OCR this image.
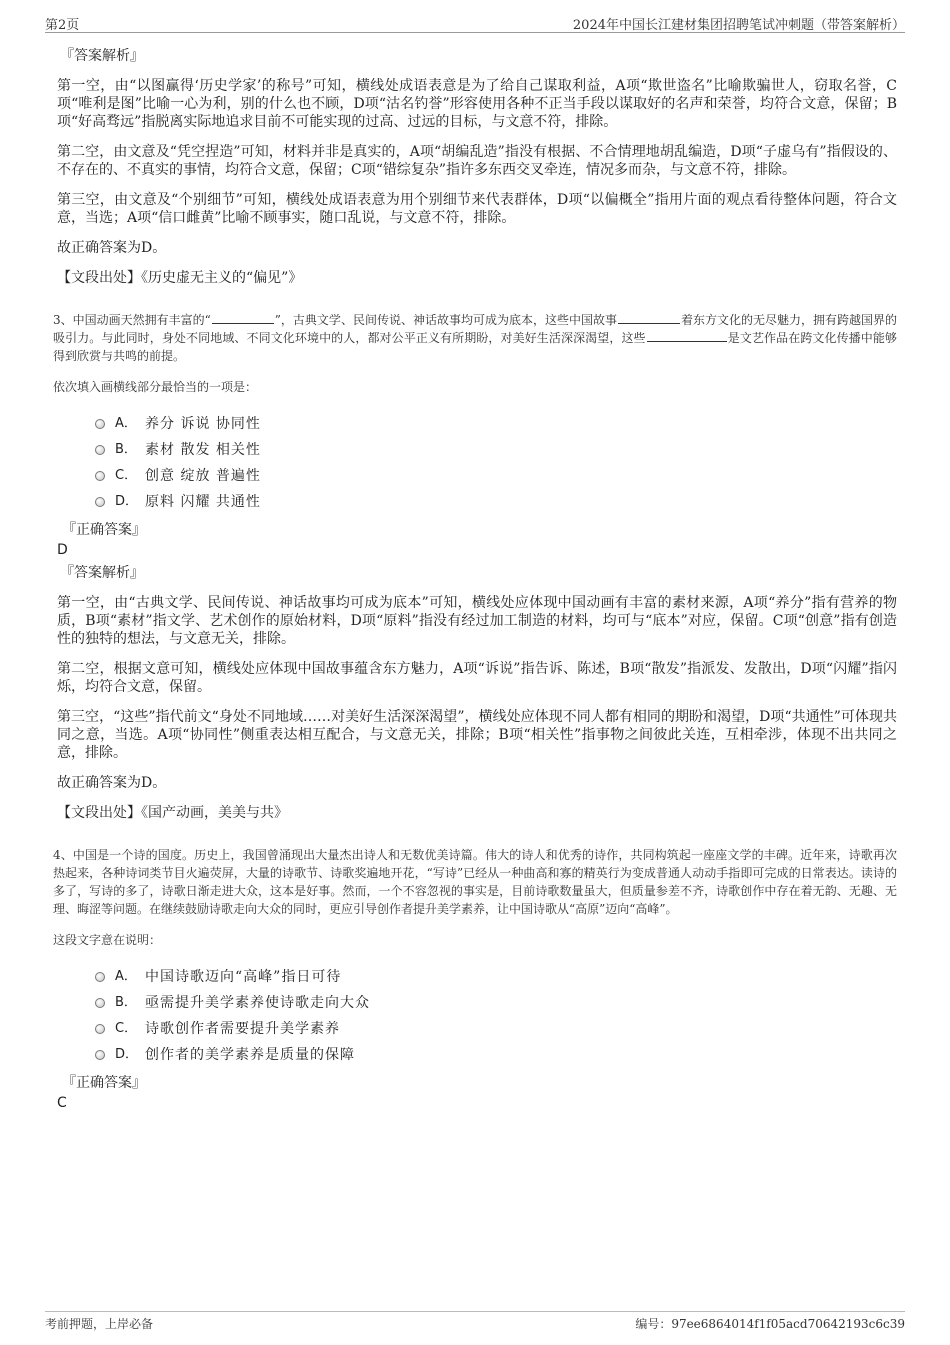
第2页	2024年中国长江建材集团招聘笔试冲刺题（带答案解析）
『答案解析』

第一空，由“以图赢得‘历史学家’的称号”可知，横线处成语表意是为了给自己谋取利益，A项“欺世盗名”比喻欺骗世人，窃取名誉，C项“唯利是图”比喻一心为利，别的什么也不顾，D项“沽名钓誉”形容使用各种不正当手段以谋取好的名声和荣誉，均符合文意，保留；B项“好高骛远”指脱离实际地追求目前不可能实现的过高、过远的目标，与文意不符，排除。

第二空，由文意及“凭空捏造”可知，材料并非是真实的，A项“胡编乱造”指没有根据、不合情理地胡乱编造，D项“子虚乌有”指假设的、不存在的、不真实的事情，均符合文意，保留；C项“错综复杂”指许多东西交叉牵连，情况多而杂，与文意不符，排除。

第三空，由文意及“个别细节”可知，横线处成语表意为用个别细节来代表群体，D项“以偏概全”指用片面的观点看待整体问题，符合文意，当选；A项“信口雌黄”比喻不顾事实，随口乱说，与文意不符，排除。

故正确答案为D。

【文段出处】《历史虚无主义的“偏见”》

3、中国动画天然拥有丰富的“	”，古典文学、民间传说、神话故事均可成为底本，这些中国故事	着东方文化的无尽魅力，拥有跨越国界的吸引力。与此同时，身处不同地域、不同文化环境中的人，都对公平正义有所期盼，对美好生活深深渴望，这些	是文艺作品在跨文化传播中能够得到欣赏与共鸣的前提。

依次填入画横线部分最恰当的一项是：

A． 养分 诉说 协同性
B． 素材 散发 相关性
C． 创意 绽放 普遍性
D． 原料 闪耀 共通性
『正确答案』
D
『答案解析』

第一空，由“古典文学、民间传说、神话故事均可成为底本”可知，横线处应体现中国动画有丰富的素材来源，A项“养分”指有营养的物质，B项“素材”指文学、艺术创作的原始材料，D项“原料”指没有经过加工制造的材料，均可与“底本”对应，保留。C项“创意”指有创造性的独特的想法，与文意无关，排除。

第二空，根据文意可知，横线处应体现中国故事蕴含东方魅力，A项“诉说”指告诉、陈述，B项“散发”指派发、发散出，D项“闪耀”指闪烁，均符合文意，保留。

第三空，“这些”指代前文“身处不同地域……对美好生活深深渴望”，横线处应体现不同人都有相同的期盼和渴望，D项“共通性”可体现共同之意，当选。A项“协同性”侧重表达相互配合，与文意无关，排除；B项“相关性”指事物之间彼此关连，互相牵涉，体现不出共同之意，排除。

故正确答案为D。

【文段出处】《国产动画，美美与共》

4、中国是一个诗的国度。历史上，我国曾涌现出大量杰出诗人和无数优美诗篇。伟大的诗人和优秀的诗作，共同构筑起一座座文学的丰碑。近年来，诗歌再次热起来，各种诗词类节目火遍荧屏，大量的诗歌节、诗歌奖遍地开花，“写诗”已经从一种曲高和寡的精英行为变成普通人动动手指即可完成的日常表达。读诗的多了，写诗的多了，诗歌日渐走进大众，这本是好事。然而，一个不容忽视的事实是，目前诗歌数量虽大，但质量参差不齐，诗歌创作中存在着无韵、无趣、无理、晦涩等问题。在继续鼓励诗歌走向大众的同时，更应引导创作者提升美学素养，让中国诗歌从“高原”迈向“高峰”。

这段文字意在说明：

A． 中国诗歌迈向“高峰”指日可待
B． 亟需提升美学素养使诗歌走向大众
C． 诗歌创作者需要提升美学素养
D． 创作者的美学素养是质量的保障
『正确答案』
C
考前押题，上岸必备	编号：97ee6864014f1f05acd70642193c6c39
